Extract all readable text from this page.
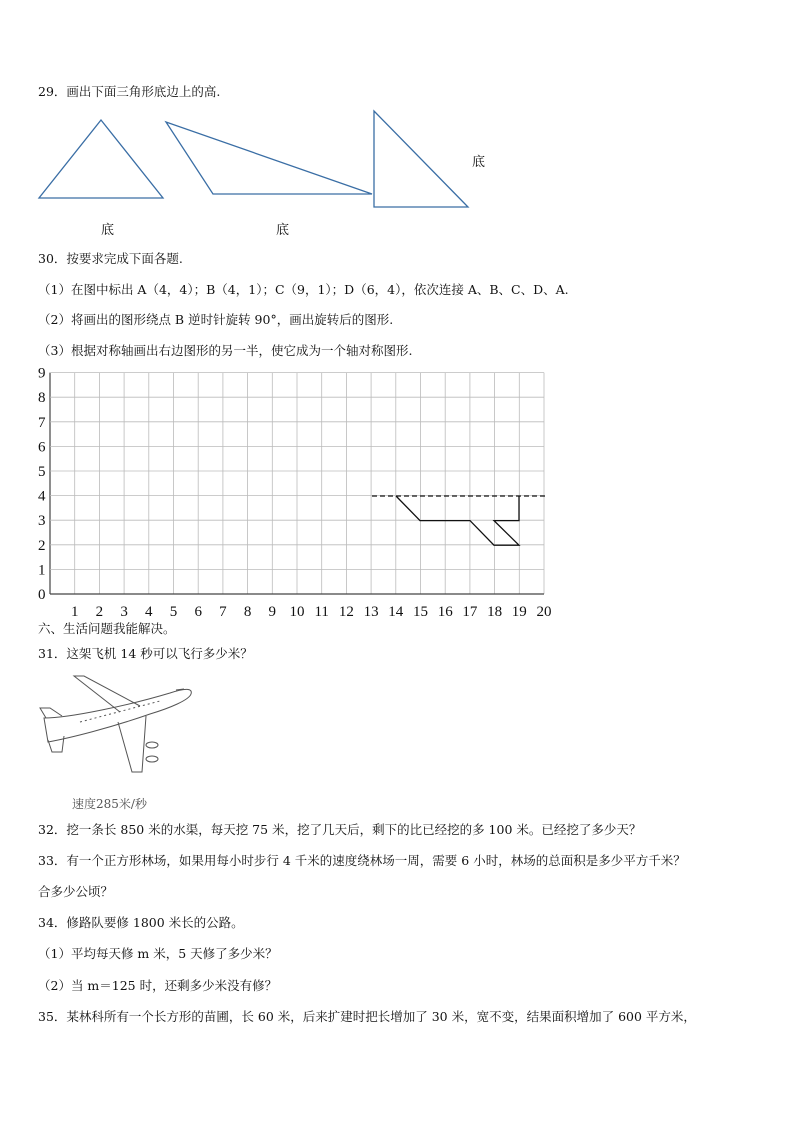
29．画出下面三角形底边上的高.
底	底
底
30．按要求完成下面各题.
（1）在图中标出 A（4，4）；B（4，1）；C（9，1）；D（6，4），依次连接 A、B、C、D、A.
（2）将画出的图形绕点 B 逆时针旋转 90°，画出旋转后的图形.
（3）根据对称轴画出右边图形的另一半，使它成为一个轴对称图形.
0
1
2
3
4
5
6
7
8
9
1 2 3 4 5 6 7 8 9 10 11 12 13 14 15 16 17 18 19 20
六、生活问题我能解决。
31．这架飞机 14 秒可以飞行多少米？
速度285米/秒
32．挖一条长 850 米的水渠，每天挖 75 米，挖了几天后，剩下的比已经挖的多 100 米。已经挖了多少天？
33．有一个正方形林场，如果用每小时步行 4 千米的速度绕林场一周，需要 6 小时，林场的总面积是多少平方千米？
合多少公顷？
34．修路队要修 1800 米长的公路。
（1）平均每天修 m 米，5 天修了多少米？
（2）当 m＝125 时，还剩多少米没有修？
35．某林科所有一个长方形的苗圃，长 60 米，后来扩建时把长增加了 30 米，宽不变，结果面积增加了 600 平方米，
